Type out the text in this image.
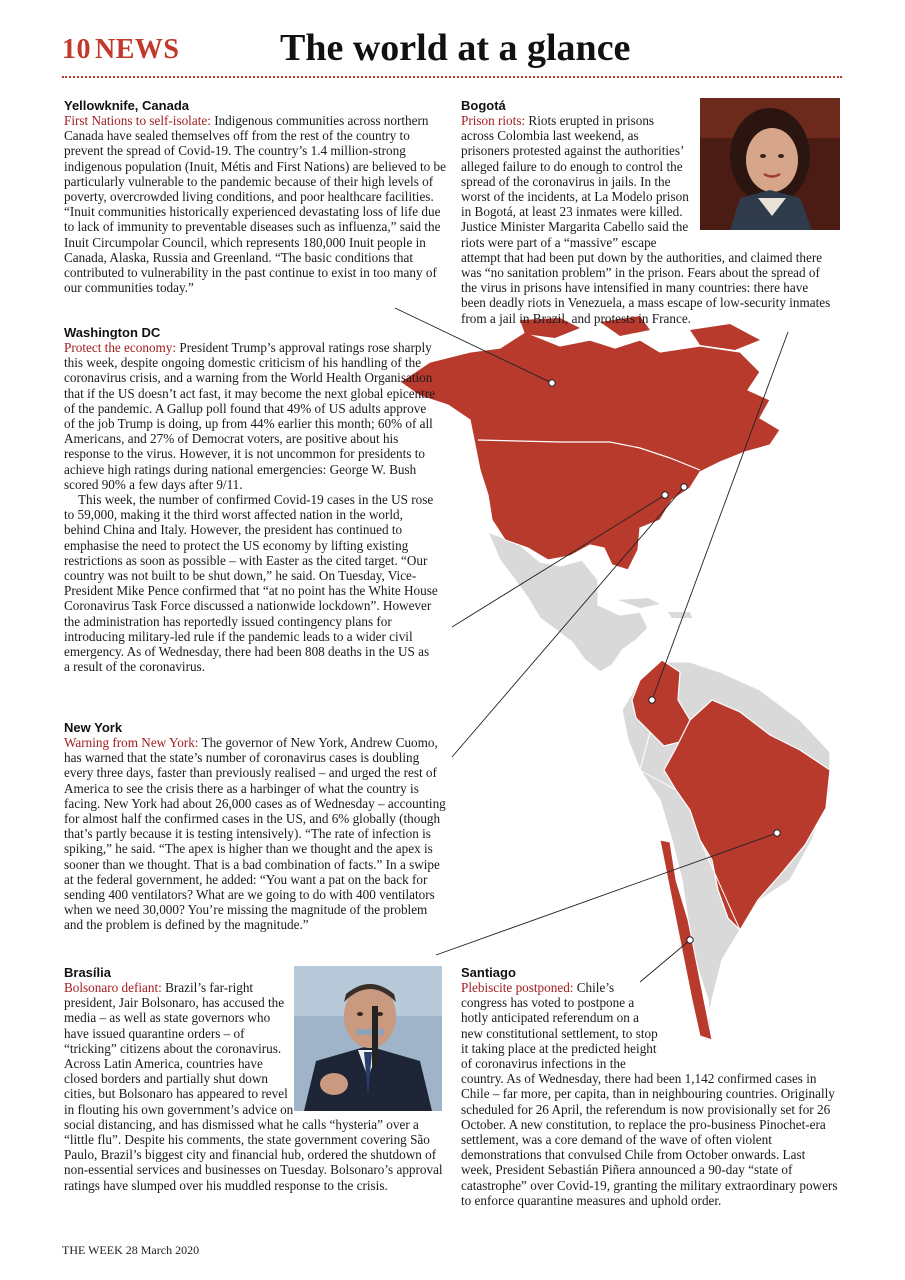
10 NEWS	The world at a glance
Yellowknife, Canada

First Nations to self-isolate: Indigenous communities across northern Canada have sealed themselves off from the rest of the country to prevent the spread of Covid-19. The country’s 1.4 million-strong indigenous population (Inuit, Métis and First Nations) are believed to be particularly vulnerable to the pandemic because of their high levels of poverty, overcrowded living conditions, and poor healthcare facilities. “Inuit communities historically experienced devastating loss of life due to lack of immunity to preventable diseases such as influenza,” said the Inuit Circumpolar Council, which represents 180,000 Inuit people in Canada, Alaska, Russia and Greenland. “The basic conditions that contributed to vulnerability in the past continue to exist in too many of our communities today.”

Bogotá

Prison riots: Riots erupted in prisons across Colombia last weekend, as prisoners protested against the authorities’ alleged failure to do enough to control the spread of the coronavirus in jails. In the worst of the incidents, at La Modelo prison in Bogotá, at least 23 inmates were killed. Justice Minister Margarita Cabello said the riots were part of a “massive” escape attempt that had been put down by the authorities, and claimed there was “no sanitation problem” in the prison. Fears about the spread of the virus in prisons have intensified in many countries: there have been deadly riots in Venezuela, a mass escape of low-security inmates from a jail in Brazil, and protests in France.

Washington DC

Protect the economy: President Trump’s approval ratings rose sharply this week, despite ongoing domestic criticism of his handling of the coronavirus crisis, and a warning from the World Health Organisation that if the US doesn’t act fast, it may become the next global epicentre of the pandemic. A Gallup poll found that 49% of US adults approve of the job Trump is doing, up from 44% earlier this month; 60% of all Americans, and 27% of Democrat voters, are positive about his response to the virus. However, it is not uncommon for presidents to achieve high ratings during national emergencies: George W. Bush scored 90% a few days after 9/11.

This week, the number of confirmed Covid-19 cases in the US rose to 59,000, making it the third worst affected nation in the world, behind China and Italy. However, the president has continued to emphasise the need to protect the US economy by lifting existing restrictions as soon as possible – with Easter as the cited target. “Our country was not built to be shut down,” he said. On Tuesday, Vice-President Mike Pence confirmed that “at no point has the White House Coronavirus Task Force discussed a nationwide lockdown”. However the administration has reportedly issued contingency plans for introducing military-led rule if the pandemic leads to a wider civil emergency. As of Wednesday, there had been 808 deaths in the US as a result of the coronavirus.

New York

Warning from New York: The governor of New York, Andrew Cuomo, has warned that the state’s number of coronavirus cases is doubling every three days, faster than previously realised – and urged the rest of America to see the crisis there as a harbinger of what the country is facing. New York had about 26,000 cases as of Wednesday – accounting for almost half the confirmed cases in the US, and 6% globally (though that’s partly because it is testing intensively). “The rate of infection is spiking,” he said. “The apex is higher than we thought and the apex is sooner than we thought. That is a bad combination of facts.” In a swipe at the federal government, he added: “You want a pat on the back for sending 400 ventilators? What are we going to do with 400 ventilators when we need 30,000? You’re missing the magnitude of the problem and the problem is defined by the magnitude.”

Brasília

Bolsonaro defiant: Brazil’s far-right president, Jair Bolsonaro, has accused the media – as well as state governors who have issued quarantine orders – of “tricking” citizens about the coronavirus. Across Latin America, countries have closed borders and partially shut down cities, but Bolsonaro has appeared to revel in flouting his own government’s advice on social distancing, and has dismissed what he calls “hysteria” over a “little flu”. Despite his comments, the state government covering São Paulo, Brazil’s biggest city and financial hub, ordered the shutdown of non-essential services and businesses on Tuesday. Bolsonaro’s approval ratings have slumped over his muddled response to the crisis.

Santiago

Plebiscite postponed: Chile’s congress has voted to postpone a hotly anticipated referendum on a new constitutional settlement, to stop it taking place at the predicted height of coronavirus infections in the country. As of Wednesday, there had been 1,142 confirmed cases in Chile – far more, per capita, than in neighbouring countries. Originally scheduled for 26 April, the referendum is now provisionally set for 26 October. A new constitution, to replace the pro-business Pinochet-era settlement, was a core demand of the wave of often violent demonstrations that convulsed Chile from October onwards. Last week, President Sebastián Piñera announced a 90-day “state of catastrophe” over Covid-19, granting the military extraordinary powers to enforce quarantine measures and uphold order.

THE WEEK 28 March 2020
